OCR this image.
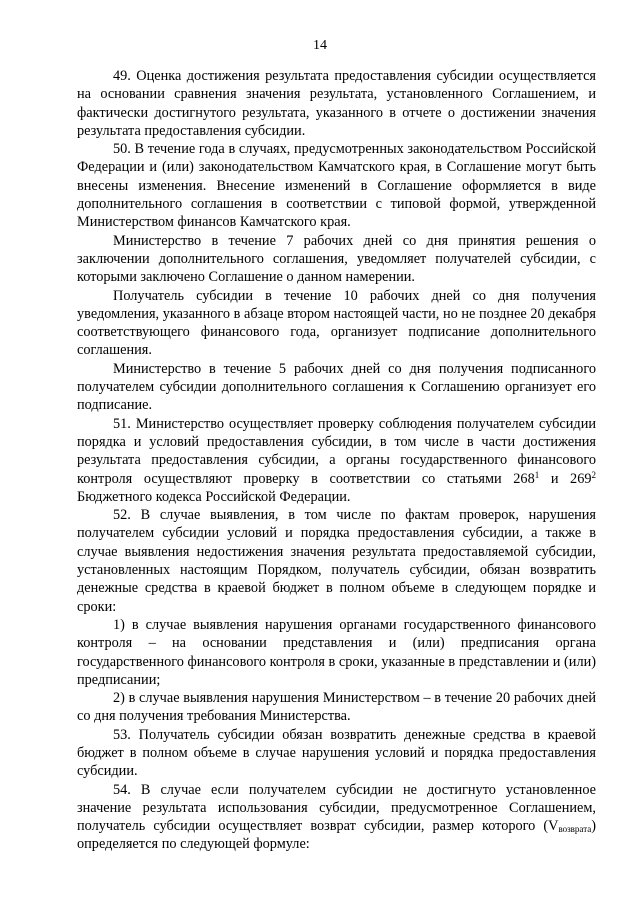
14

49. Оценка достижения результата предоставления субсидии осуществляется на основании сравнения значения результата, установленного Соглашением, и фактически достигнутого результата, указанного в отчете о достижении значения результата предоставления субсидии.

50. В течение года в случаях, предусмотренных законодательством Российской Федерации и (или) законодательством Камчатского края, в Соглашение могут быть внесены изменения. Внесение изменений в Соглашение оформляется в виде дополнительного соглашения в соответствии с типовой формой, утвержденной Министерством финансов Камчатского края.

Министерство в течение 7 рабочих дней со дня принятия решения о заключении дополнительного соглашения, уведомляет получателей субсидии, с которыми заключено Соглашение о данном намерении.

Получатель субсидии в течение 10 рабочих дней со дня получения уведомления, указанного в абзаце втором настоящей части, но не позднее 20 декабря соответствующего финансового года, организует подписание дополнительного соглашения.

Министерство в течение 5 рабочих дней со дня получения подписанного получателем субсидии дополнительного соглашения к Соглашению организует его подписание.

51. Министерство осуществляет проверку соблюдения получателем субсидии порядка и условий предоставления субсидии, в том числе в части достижения результата предоставления субсидии, а органы государственного финансового контроля осуществляют проверку в соответствии со статьями $268^1$ и $269^2$ Бюджетного кодекса Российской Федерации.

52. В случае выявления, в том числе по фактам проверок, нарушения получателем субсидии условий и порядка предоставления субсидии, а также в случае выявления недостижения значения результата предоставляемой субсидии, установленных настоящим Порядком, получатель субсидии, обязан возвратить денежные средства в краевой бюджет в полном объеме в следующем порядке и сроки:

1) в случае выявления нарушения органами государственного финансового контроля – на основании представления и (или) предписания органа государственного финансового контроля в сроки, указанные в представлении и (или) предписании;

2) в случае выявления нарушения Министерством – в течение 20 рабочих дней со дня получения требования Министерства.

53. Получатель субсидии обязан возвратить денежные средства в краевой бюджет в полном объеме в случае нарушения условий и порядка предоставления субсидии.

54. В случае если получателем субсидии не достигнуто установленное значение результата использования субсидии, предусмотренное Соглашением, получатель субсидии осуществляет возврат субсидии, размер которого $(V_{возврата})$ определяется по следующей формуле:
